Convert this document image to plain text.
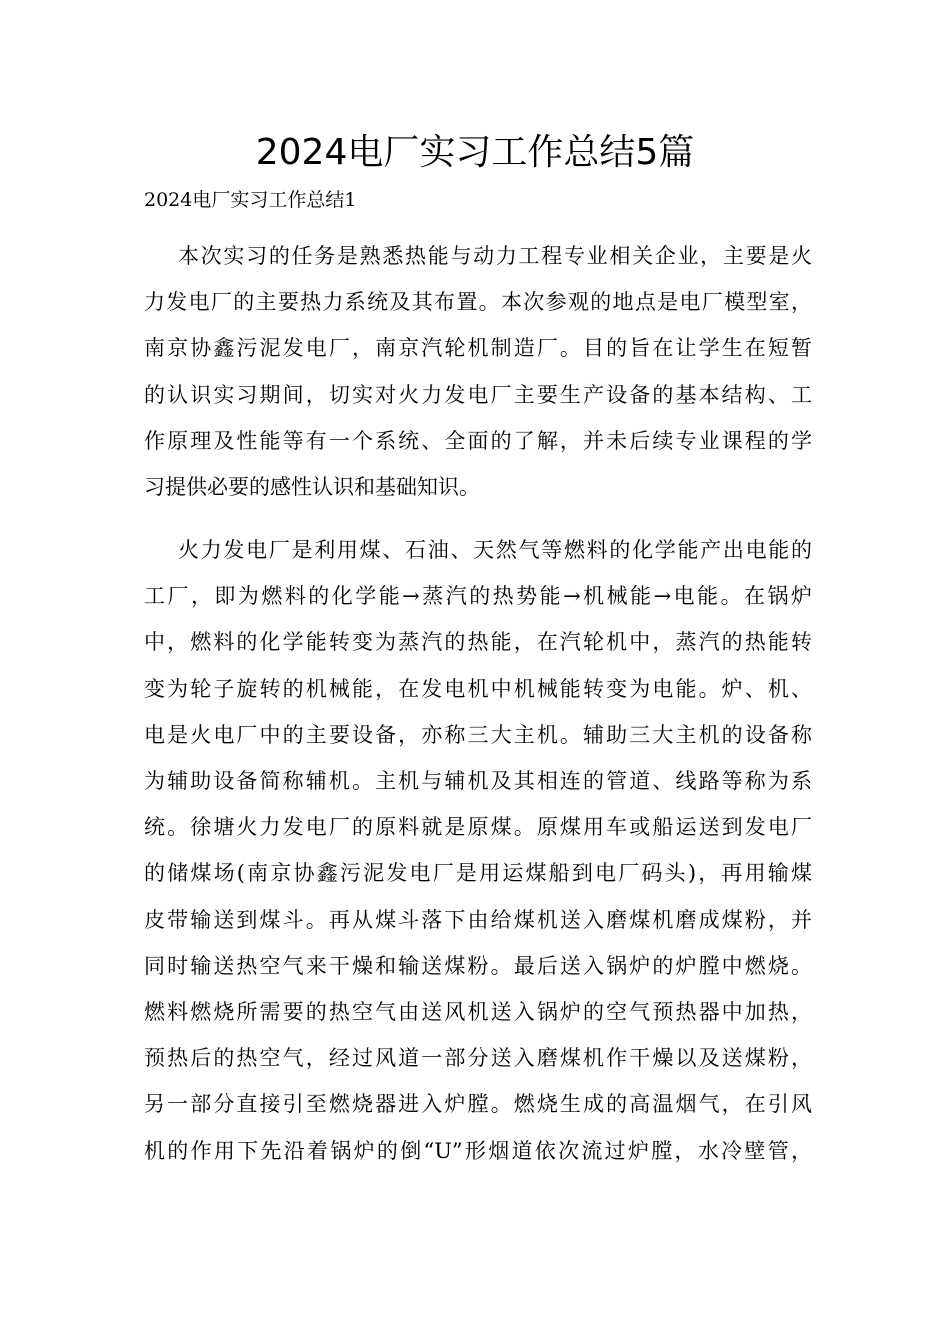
2024电厂实习工作总结5篇
2024电厂实习工作总结1

本次实习的任务是熟悉热能与动力工程专业相关企业，主要是火
力发电厂的主要热力系统及其布置。本次参观的地点是电厂模型室，
南京协鑫污泥发电厂，南京汽轮机制造厂。目的旨在让学生在短暂
的认识实习期间，切实对火力发电厂主要生产设备的基本结构、工
作原理及性能等有一个系统、全面的了解，并未后续专业课程的学
习提供必要的感性认识和基础知识。

火力发电厂是利用煤、石油、天然气等燃料的化学能产出电能的
工厂，即为燃料的化学能→蒸汽的热势能→机械能→电能。在锅炉
中，燃料的化学能转变为蒸汽的热能，在汽轮机中，蒸汽的热能转
变为轮子旋转的机械能，在发电机中机械能转变为电能。炉、机、
电是火电厂中的主要设备，亦称三大主机。辅助三大主机的设备称
为辅助设备简称辅机。主机与辅机及其相连的管道、线路等称为系
统。徐塘火力发电厂的原料就是原煤。原煤用车或船运送到发电厂
的储煤场(南京协鑫污泥发电厂是用运煤船到电厂码头)，再用输煤
皮带输送到煤斗。再从煤斗落下由给煤机送入磨煤机磨成煤粉，并
同时输送热空气来干燥和输送煤粉。最后送入锅炉的炉膛中燃烧。
燃料燃烧所需要的热空气由送风机送入锅炉的空气预热器中加热，
预热后的热空气，经过风道一部分送入磨煤机作干燥以及送煤粉，
另一部分直接引至燃烧器进入炉膛。燃烧生成的高温烟气，在引风
机的作用下先沿着锅炉的倒“U”形烟道依次流过炉膛，水冷壁管，
